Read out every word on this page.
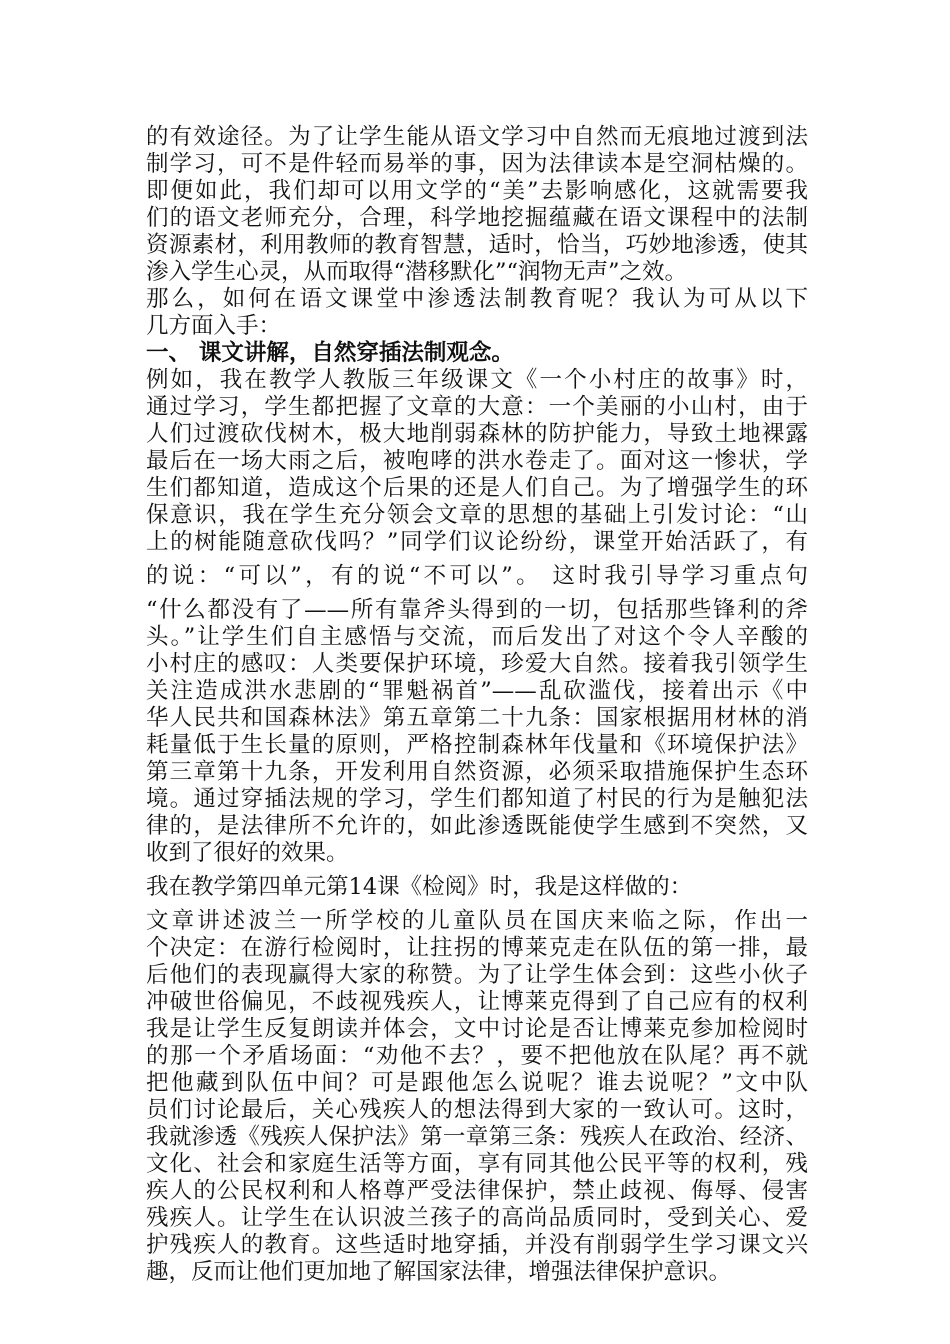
的有效途径。为了让学生能从语文学习中自然而无痕地过渡到法
制学习，可不是件轻而易举的事，因为法律读本是空洞枯燥的。
即便如此，我们却可以用文学的“美”去影响感化，这就需要我
们的语文老师充分，合理，科学地挖掘蕴藏在语文课程中的法制
资源素材，利用教师的教育智慧，适时，恰当，巧妙地渗透，使其
渗入学生心灵，从而取得“潜移默化”“润物无声”之效。
那么，如何在语文课堂中渗透法制教育呢？我认为可从以下
几方面入手：
一、 课文讲解，自然穿插法制观念。
例如，我在教学人教版三年级课文《一个小村庄的故事》时，
通过学习，学生都把握了文章的大意：一个美丽的小山村，由于
人们过渡砍伐树木，极大地削弱森林的防护能力，导致土地裸露
最后在一场大雨之后，被咆哮的洪水卷走了。面对这一惨状，学
生们都知道，造成这个后果的还是人们自己。为了增强学生的环
保意识，我在学生充分领会文章的思想的基础上引发讨论：“山
上的树能随意砍伐吗？”同学们议论纷纷，课堂开始活跃了，有
的说：“可以”，有的说“不可以”。 这时我引导学习重点句
“什么都没有了——所有靠斧头得到的一切，包括那些锋利的斧
头。”让学生们自主感悟与交流，而后发出了对这个令人辛酸的
小村庄的感叹：人类要保护环境，珍爱大自然。接着我引领学生
关注造成洪水悲剧的“罪魁祸首”——乱砍滥伐，接着出示《中
华人民共和国森林法》第五章第二十九条：国家根据用材林的消
耗量低于生长量的原则，严格控制森林年伐量和《环境保护法》
第三章第十九条，开发利用自然资源，必须采取措施保护生态环
境。通过穿插法规的学习，学生们都知道了村民的行为是触犯法
律的，是法律所不允许的，如此渗透既能使学生感到不突然，又
收到了很好的效果。
我在教学第四单元第14课《检阅》时，我是这样做的：
文章讲述波兰一所学校的儿童队员在国庆来临之际，作出一
个决定：在游行检阅时，让拄拐的博莱克走在队伍的第一排，最
后他们的表现赢得大家的称赞。为了让学生体会到：这些小伙子
冲破世俗偏见，不歧视残疾人，让博莱克得到了自己应有的权利
我是让学生反复朗读并体会，文中讨论是否让博莱克参加检阅时
的那一个矛盾场面：“劝他不去？，要不把他放在队尾？再不就
把他藏到队伍中间？可是跟他怎么说呢？谁去说呢？”文中队
员们讨论最后，关心残疾人的想法得到大家的一致认可。这时，
我就渗透《残疾人保护法》第一章第三条：残疾人在政治、经济、
文化、社会和家庭生活等方面，享有同其他公民平等的权利，残
疾人的公民权利和人格尊严受法律保护，禁止歧视、侮辱、侵害
残疾人。让学生在认识波兰孩子的高尚品质同时，受到关心、爱
护残疾人的教育。这些适时地穿插，并没有削弱学生学习课文兴
趣，反而让他们更加地了解国家法律，增强法律保护意识。
